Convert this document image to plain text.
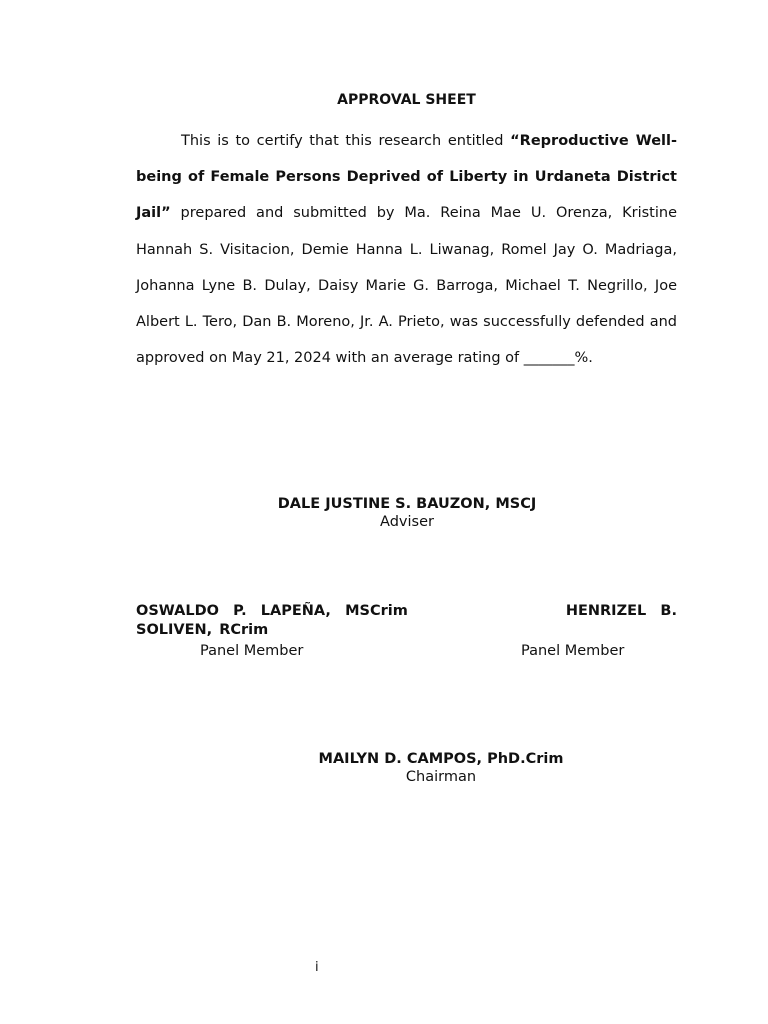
APPROVAL SHEET

This is to certify that this research entitled “Reproductive Well-being of Female Persons Deprived of Liberty in Urdaneta District Jail” prepared and submitted by Ma. Reina Mae U. Orenza, Kristine Hannah S. Visitacion, Demie Hanna L. Liwanag, Romel Jay O. Madriaga, Johanna Lyne B. Dulay, Daisy Marie G. Barroga, Michael T. Negrillo, Joe Albert L. Tero, Dan B. Moreno, Jr. A. Prieto, was successfully defended and approved on May 21, 2024 with an average rating of _______%.

DALE JUSTINE S. BAUZON, MSCJ
Adviser
OSWALDO P. LAPEÑA, MSCrim	HENRIZEL B. SOLIVEN, RCrim
Panel Member	Panel Member
MAILYN D. CAMPOS, PhD.Crim
Chairman
i
